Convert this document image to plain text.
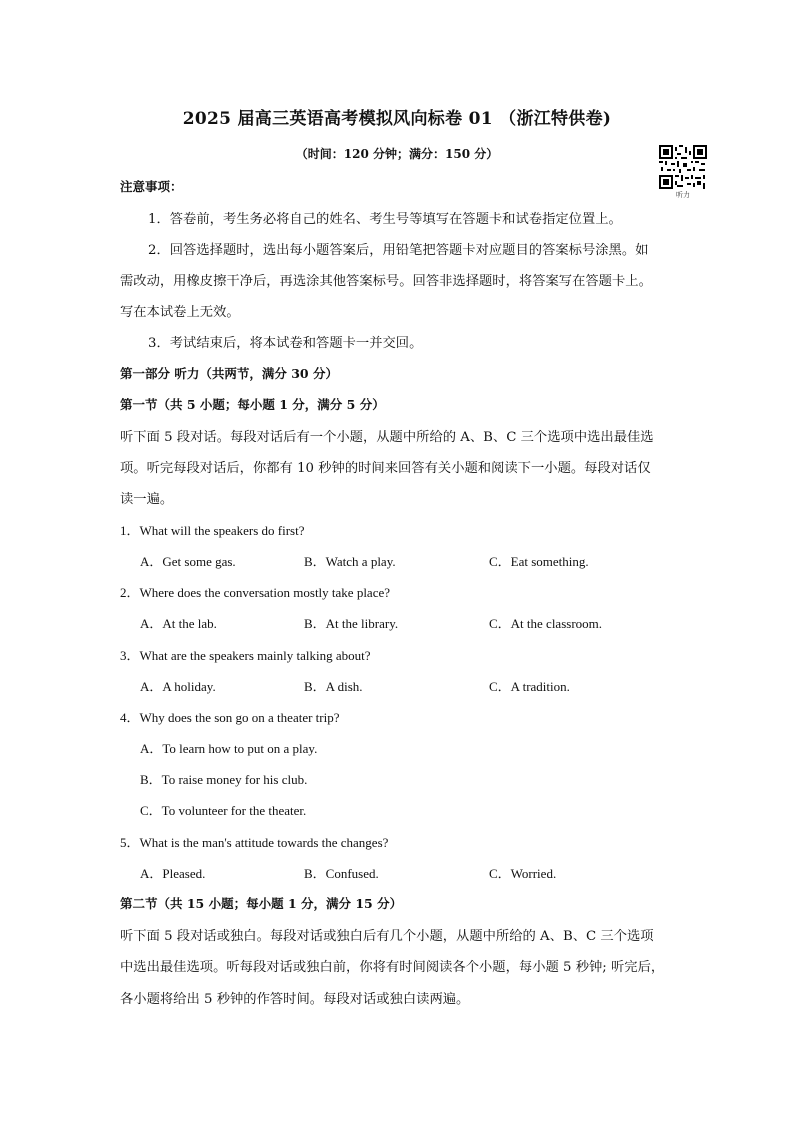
2025 届高三英语高考模拟风向标卷 01 （浙江特供卷)
（时间：120 分钟；满分：150 分）
听力
注意事项：
1．答卷前，考生务必将自己的姓名、考生号等填写在答题卡和试卷指定位置上。
2．回答选择题时，选出每小题答案后，用铅笔把答题卡对应题目的答案标号涂黑。如
需改动，用橡皮擦干净后，再选涂其他答案标号。回答非选择题时，将答案写在答题卡上。
写在本试卷上无效。
3．考试结束后，将本试卷和答题卡一并交回。
第一部分 听力（共两节，满分 30 分）
第一节（共 5 小题；每小题 1 分，满分 5 分）
听下面 5 段对话。每段对话后有一个小题，从题中所给的 A、B、C 三个选项中选出最佳选
项。听完每段对话后，你都有 10 秒钟的时间来回答有关小题和阅读下一小题。每段对话仅
读一遍。
1．What will the speakers do first?
A．Get some gas.	B．Watch a play.	C．Eat something.
2．Where does the conversation mostly take place?
A．At the lab.	B．At the library.	C．At the classroom.
3．What are the speakers mainly talking about?
A．A holiday.	B．A dish.	C．A tradition.
4．Why does the son go on a theater trip?
A．To learn how to put on a play.
B．To raise money for his club.
C．To volunteer for the theater.
5．What is the man's attitude towards the changes?
A．Pleased.	B．Confused.	C．Worried.
第二节（共 15 小题；每小题 1 分，满分 15 分）
听下面 5 段对话或独白。每段对话或独白后有几个小题，从题中所给的 A、B、C 三个选项
中选出最佳选项。听每段对话或独白前，你将有时间阅读各个小题，每小题 5 秒钟; 听完后，
各小题将给出 5 秒钟的作答时间。每段对话或独白读两遍。
